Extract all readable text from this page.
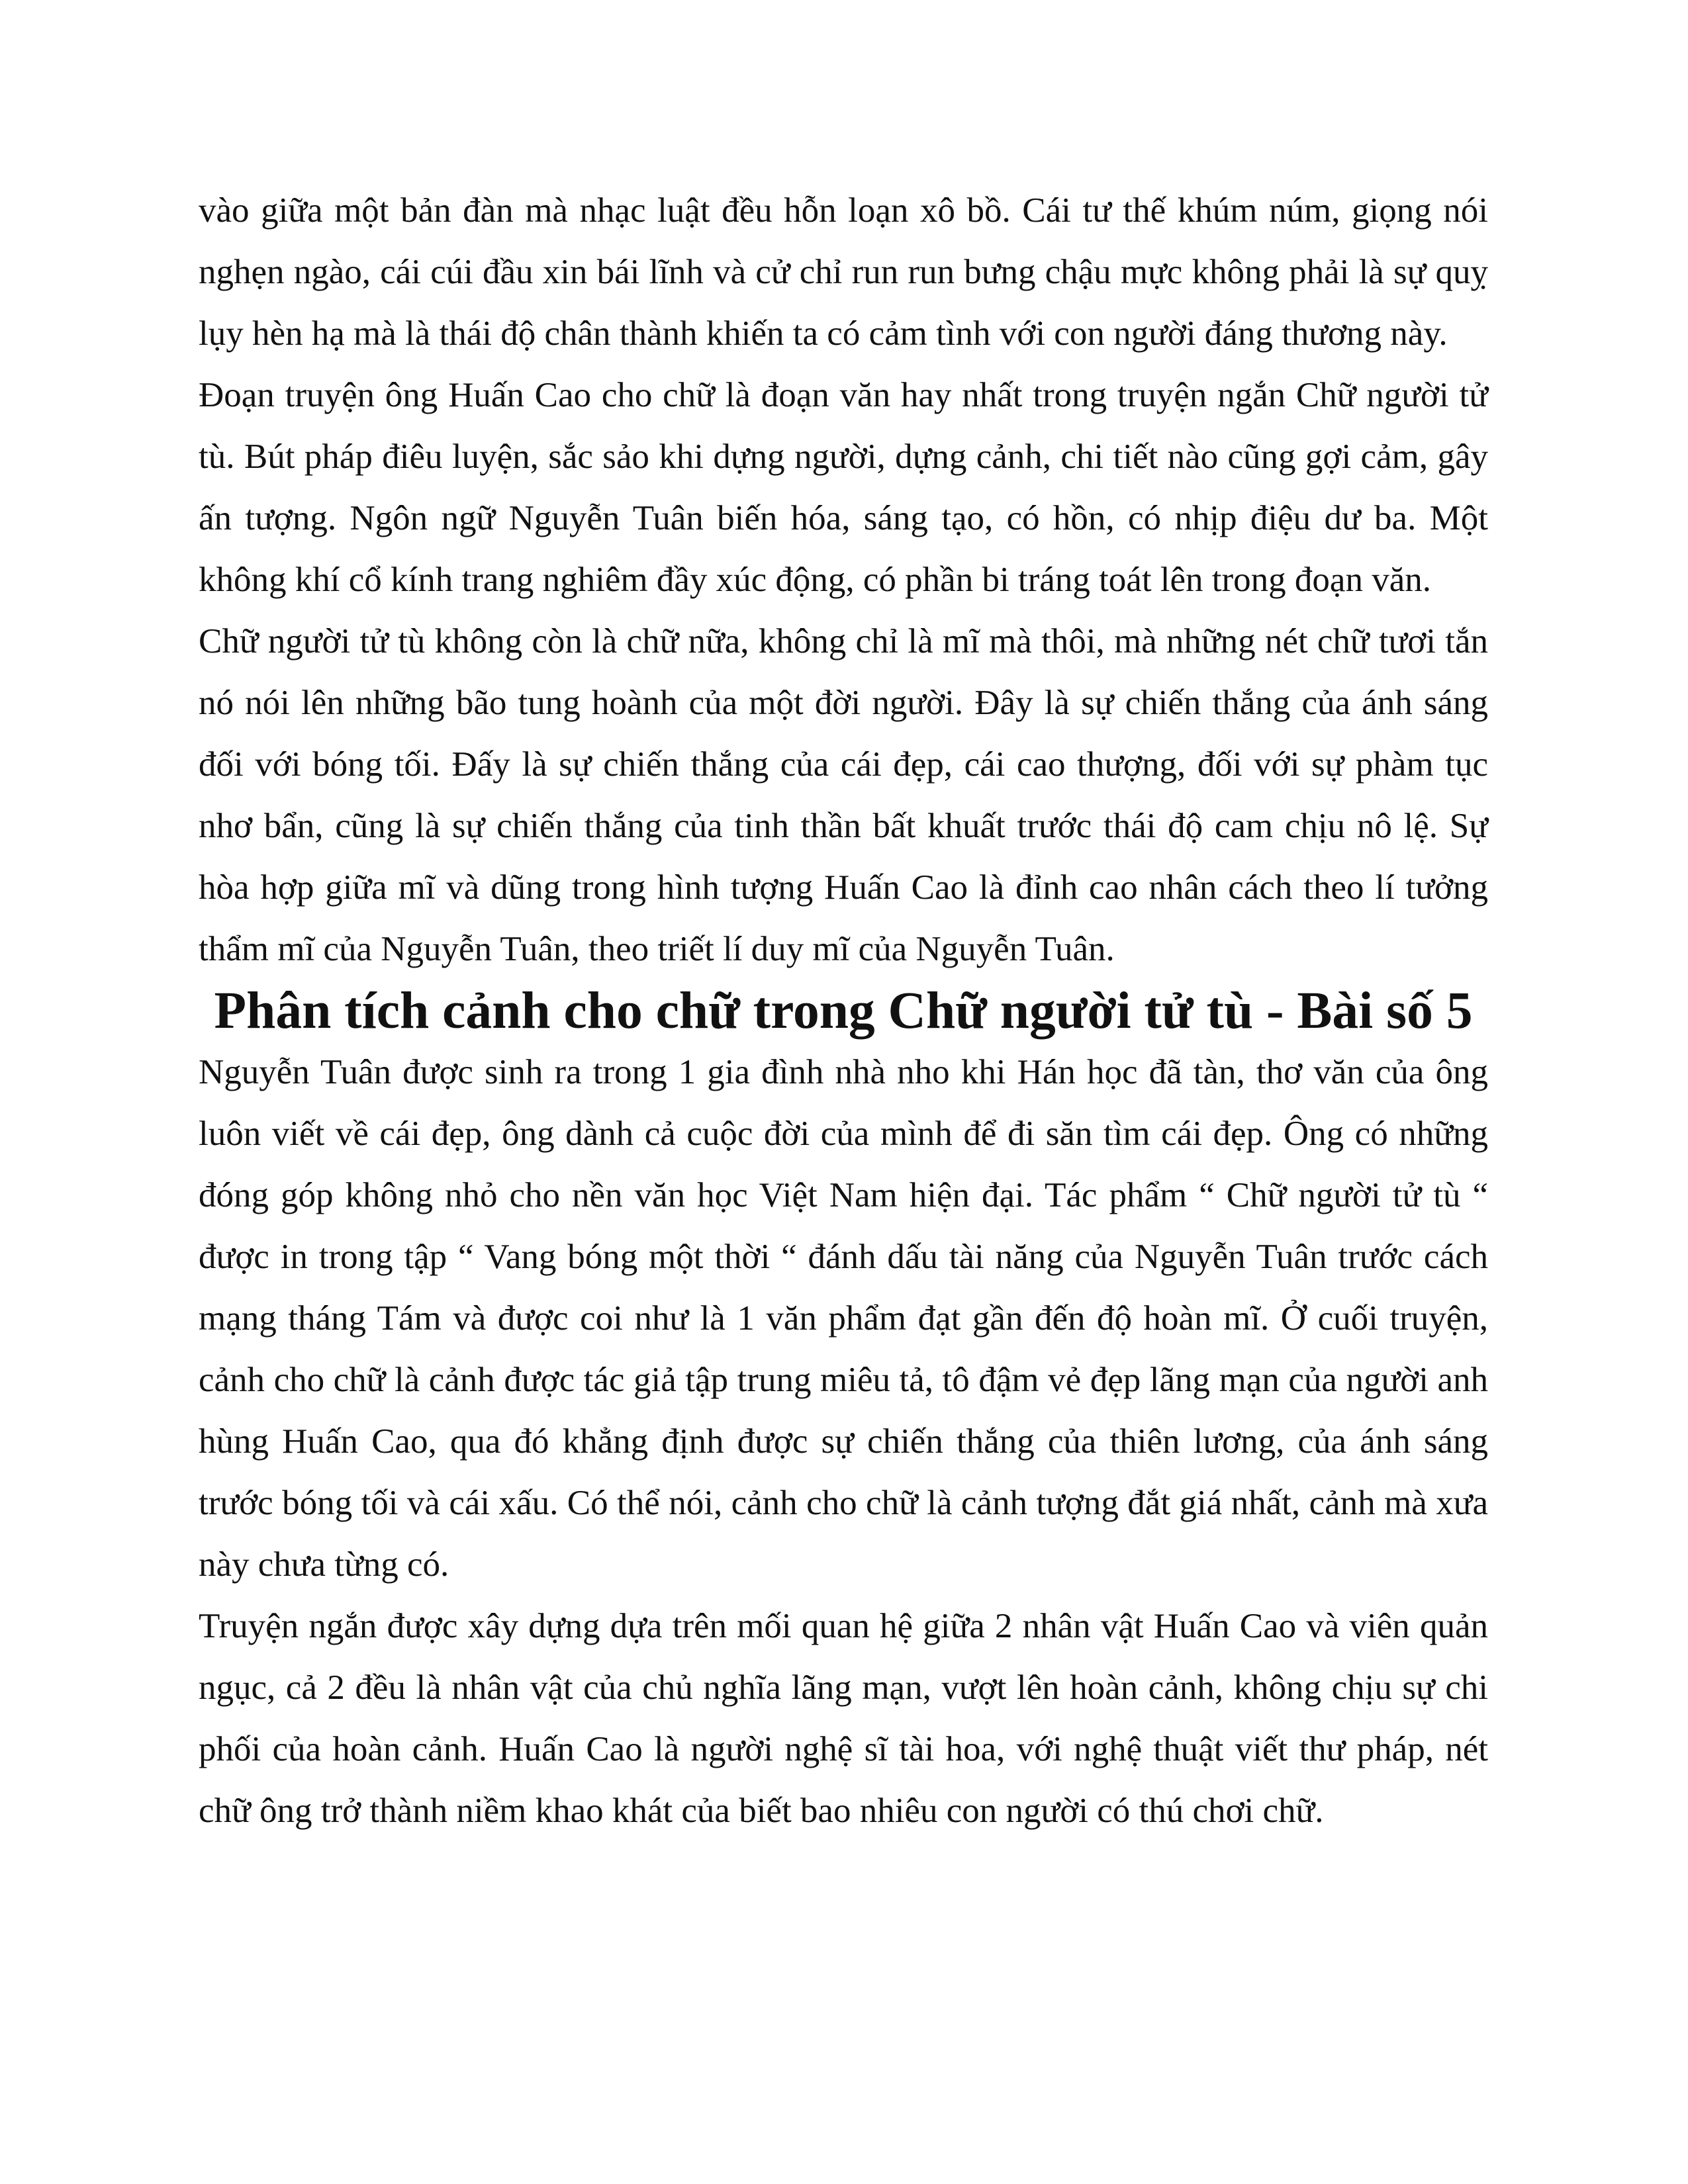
vào giữa một bản đàn mà nhạc luật đều hỗn loạn xô bồ. Cái tư thế khúm núm, giọng nói nghẹn ngào, cái cúi đầu xin bái lĩnh và cử chỉ run run bưng chậu mực không phải là sự quỵ lụy hèn hạ mà là thái độ chân thành khiến ta có cảm tình với con người đáng thương này.

Đoạn truyện ông Huấn Cao cho chữ là đoạn văn hay nhất trong truyện ngắn Chữ người tử tù. Bút pháp điêu luyện, sắc sảo khi dựng người, dựng cảnh, chi tiết nào cũng gợi cảm, gây ấn tượng. Ngôn ngữ Nguyễn Tuân biến hóa, sáng tạo, có hồn, có nhịp điệu dư ba. Một không khí cổ kính trang nghiêm đầy xúc động, có phần bi tráng toát lên trong đoạn văn.

Chữ người tử tù không còn là chữ nữa, không chỉ là mĩ mà thôi, mà những nét chữ tươi tắn nó nói lên những bão tung hoành của một đời người. Đây là sự chiến thắng của ánh sáng đối với bóng tối. Đấy là sự chiến thắng của cái đẹp, cái cao thượng, đối với sự phàm tục nhơ bẩn, cũng là sự chiến thắng của tinh thần bất khuất trước thái độ cam chịu nô lệ. Sự hòa hợp giữa mĩ và dũng trong hình tượng Huấn Cao là đỉnh cao nhân cách theo lí tưởng thẩm mĩ của Nguyễn Tuân, theo triết lí duy mĩ của Nguyễn Tuân.

Phân tích cảnh cho chữ trong Chữ người tử tù - Bài số 5

Nguyễn Tuân được sinh ra trong 1 gia đình nhà nho khi Hán học đã tàn, thơ văn của ông luôn viết về cái đẹp, ông dành cả cuộc đời của mình để đi săn tìm cái đẹp. Ông có những đóng góp không nhỏ cho nền văn học Việt Nam hiện đại. Tác phẩm “ Chữ người tử tù “ được in trong tập “ Vang bóng một thời “ đánh dấu tài năng của Nguyễn Tuân trước cách mạng tháng Tám và được coi như là 1 văn phẩm đạt gần đến độ hoàn mĩ. Ở cuối truyện, cảnh cho chữ là cảnh được tác giả tập trung miêu tả, tô đậm vẻ đẹp lãng mạn của người anh hùng Huấn Cao, qua đó khẳng định được sự chiến thắng của thiên lương, của ánh sáng trước bóng tối và cái xấu. Có thể nói, cảnh cho chữ là cảnh tượng đắt giá nhất, cảnh mà xưa này chưa từng có.

Truyện ngắn được xây dựng dựa trên mối quan hệ giữa 2 nhân vật Huấn Cao và viên quản ngục, cả 2 đều là nhân vật của chủ nghĩa lãng mạn, vượt lên hoàn cảnh, không chịu sự chi phối của hoàn cảnh. Huấn Cao là người nghệ sĩ tài hoa, với nghệ thuật viết thư pháp, nét chữ ông trở thành niềm khao khát của biết bao nhiêu con người có thú chơi chữ.
